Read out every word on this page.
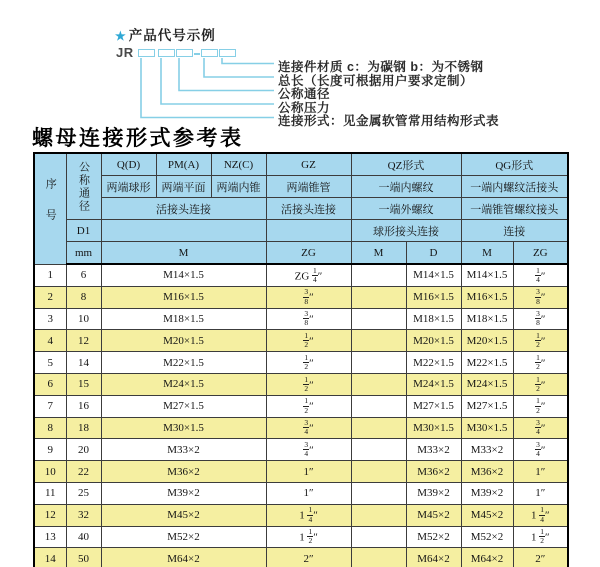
★ 产品代号示例
JR
连接件材质 c：为碳钢 b：为不锈钢
总长（长度可根据用户要求定制）
公称通径
公称压力
连接形式：见金属软管常用结构形式表
螺母连接形式参考表
序号	公称通径	Q(D)	PM(A)	NZ(C)	GZ	QZ形式		QG形式	
		两端球形	两端平面	两端内锥	两端锥管	一端内螺纹		一端内螺纹活接头	
		活接头连接			活接头连接	一端外螺纹		一端锥管螺纹接头	
	D1					球形接头连接		连接	
	mm	M			ZG	M	D	M	ZG
1	6	M14×1.5			ZG $\frac{1}{4}$ ″		M14×1.5	M14×1.5	$\frac{1}{4}$ ″
2	8	M16×1.5			$\frac{3}{8}$ ″		M16×1.5	M16×1.5	$\frac{3}{8}$ ″
3	10	M18×1.5			$\frac{3}{8}$ ″		M18×1.5	M18×1.5	$\frac{3}{8}$ ″
4	12	M20×1.5			$\frac{1}{2}$ ″		M20×1.5	M20×1.5	$\frac{1}{2}$ ″
5	14	M22×1.5			$\frac{1}{2}$ ″		M22×1.5	M22×1.5	$\frac{1}{2}$ ″
6	15	M24×1.5			$\frac{1}{2}$ ″		M24×1.5	M24×1.5	$\frac{1}{2}$ ″
7	16	M27×1.5			$\frac{1}{2}$ ″		M27×1.5	M27×1.5	$\frac{1}{2}$ ″
8	18	M30×1.5			$\frac{3}{4}$ ″		M30×1.5	M30×1.5	$\frac{3}{4}$ ″
9	20	M33×2			$\frac{3}{4}$ ″		M33×2	M33×2	$\frac{3}{4}$ ″
10	22	M36×2			1″		M36×2	M36×2	1″
11	25	M39×2			1″		M39×2	M39×2	1″
12	32	M45×2			$1 \frac{1}{4}$ ″		M45×2	M45×2	$1 \frac{1}{4}$ ″
13	40	M52×2			$1 \frac{1}{2}$ ″		M52×2	M52×2	$1 \frac{1}{2}$ ″
14	50	M64×2			2″		M64×2	M64×2	2″
